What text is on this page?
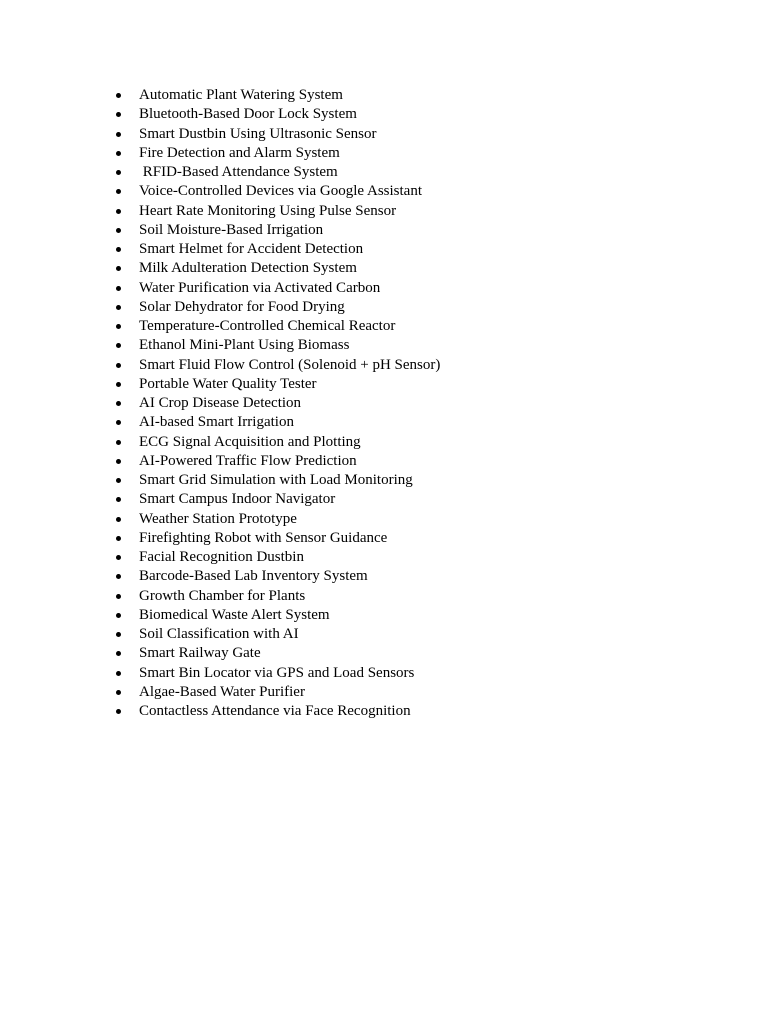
Automatic Plant Watering System
Bluetooth-Based Door Lock System
Smart Dustbin Using Ultrasonic Sensor
Fire Detection and Alarm System
RFID-Based Attendance System
Voice-Controlled Devices via Google Assistant
Heart Rate Monitoring Using Pulse Sensor
Soil Moisture-Based Irrigation
Smart Helmet for Accident Detection
Milk Adulteration Detection System
Water Purification via Activated Carbon
Solar Dehydrator for Food Drying
Temperature-Controlled Chemical Reactor
Ethanol Mini-Plant Using Biomass
Smart Fluid Flow Control (Solenoid + pH Sensor)
Portable Water Quality Tester
AI Crop Disease Detection
AI-based Smart Irrigation
ECG Signal Acquisition and Plotting
AI-Powered Traffic Flow Prediction
Smart Grid Simulation with Load Monitoring
Smart Campus Indoor Navigator
Weather Station Prototype
Firefighting Robot with Sensor Guidance
Facial Recognition Dustbin
Barcode-Based Lab Inventory System
Growth Chamber for Plants
Biomedical Waste Alert System
Soil Classification with AI
Smart Railway Gate
Smart Bin Locator via GPS and Load Sensors
Algae-Based Water Purifier
Contactless Attendance via Face Recognition
